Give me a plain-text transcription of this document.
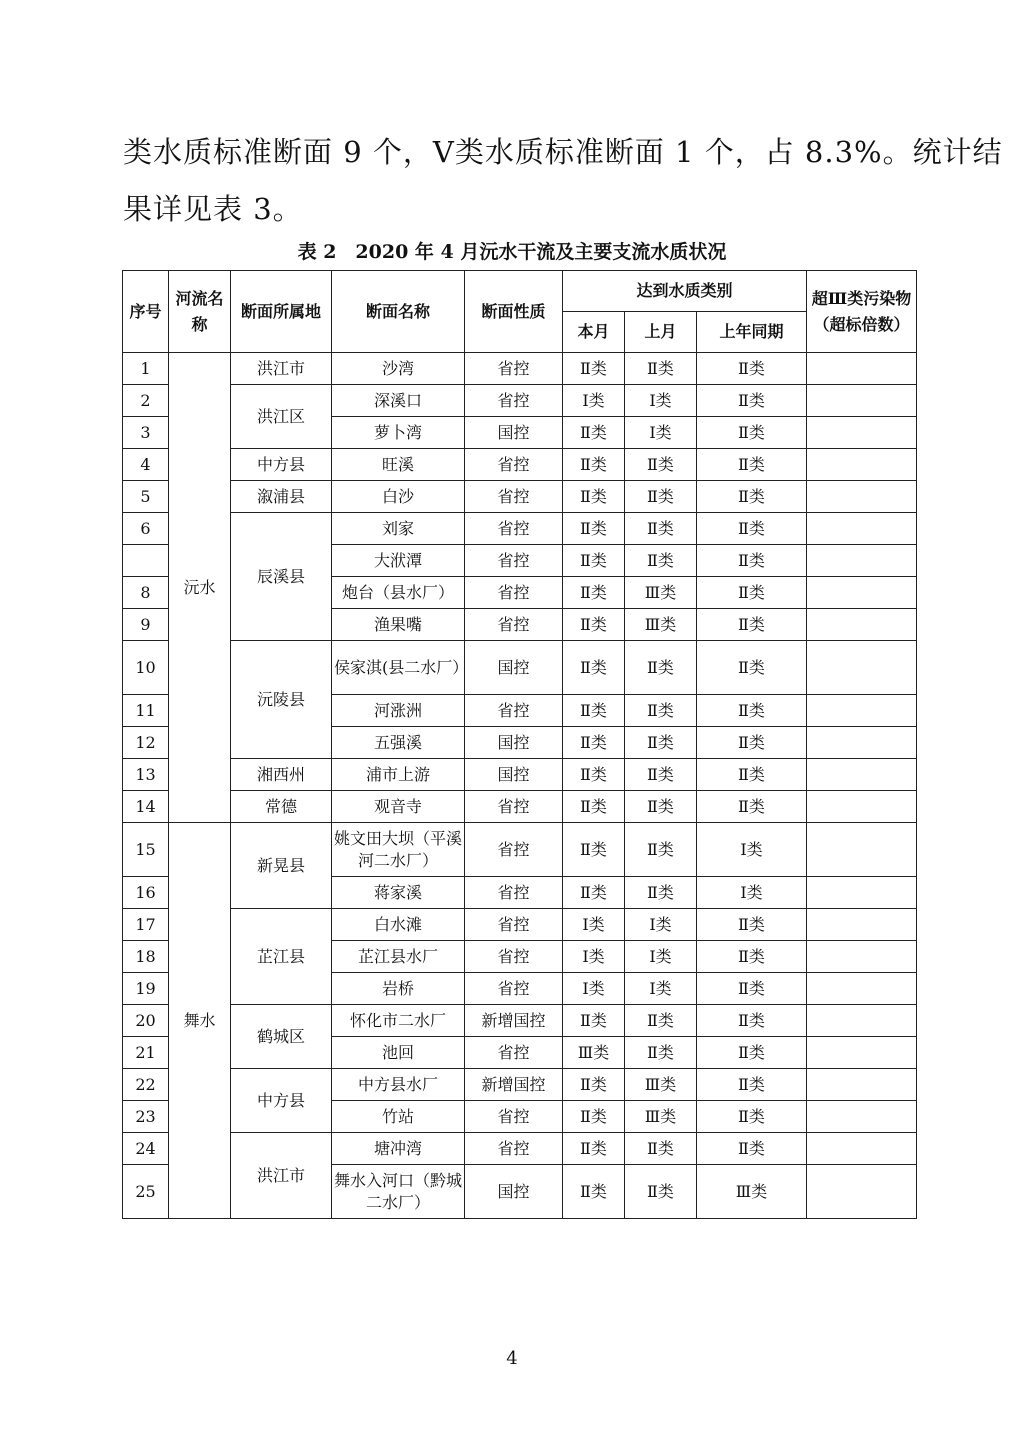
类水质标准断面 9 个，Ⅴ类水质标准断面 1 个，占 8.3%。统计结
果详见表 3。
表 2　2020 年 4 月沅水干流及主要支流水质状况
序号	河流名称	断面所属地	断面名称	断面性质	达到水质类别			超Ⅲ类污染物（超标倍数）
					本月	上月	上年同期	
1	沅水	洪江市	沙湾	省控	Ⅱ类	Ⅱ类	Ⅱ类	
2		洪江区	深溪口	省控	Ⅰ类	Ⅰ类	Ⅱ类	
3			萝卜湾	国控	Ⅱ类	Ⅰ类	Ⅱ类	
4		中方县	旺溪	省控	Ⅱ类	Ⅱ类	Ⅱ类	
5		溆浦县	白沙	省控	Ⅱ类	Ⅱ类	Ⅱ类	
6		辰溪县	刘家	省控	Ⅱ类	Ⅱ类	Ⅱ类	
			大洑潭	省控	Ⅱ类	Ⅱ类	Ⅱ类	
8			炮台（县水厂）	省控	Ⅱ类	Ⅲ类	Ⅱ类	
9			渔果嘴	省控	Ⅱ类	Ⅲ类	Ⅱ类	
10		沅陵县	侯家淇(县二水厂）	国控	Ⅱ类	Ⅱ类	Ⅱ类	
11			河涨洲	省控	Ⅱ类	Ⅱ类	Ⅱ类	
12			五强溪	国控	Ⅱ类	Ⅱ类	Ⅱ类	
13		湘西州	浦市上游	国控	Ⅱ类	Ⅱ类	Ⅱ类	
14		常德	观音寺	省控	Ⅱ类	Ⅱ类	Ⅱ类	
15	舞水	新晃县	姚文田大坝（平溪河二水厂）	省控	Ⅱ类	Ⅱ类	Ⅰ类	
16			蒋家溪	省控	Ⅱ类	Ⅱ类	Ⅰ类	
17		芷江县	白水滩	省控	Ⅰ类	Ⅰ类	Ⅱ类	
18			芷江县水厂	省控	Ⅰ类	Ⅰ类	Ⅱ类	
19			岩桥	省控	Ⅰ类	Ⅰ类	Ⅱ类	
20		鹤城区	怀化市二水厂	新增国控	Ⅱ类	Ⅱ类	Ⅱ类	
21			池回	省控	Ⅲ类	Ⅱ类	Ⅱ类	
22		中方县	中方县水厂	新增国控	Ⅱ类	Ⅲ类	Ⅱ类	
23			竹站	省控	Ⅱ类	Ⅲ类	Ⅱ类	
24		洪江市	塘冲湾	省控	Ⅱ类	Ⅱ类	Ⅱ类	
25			舞水入河口（黔城二水厂）	国控	Ⅱ类	Ⅱ类	Ⅲ类	
4
